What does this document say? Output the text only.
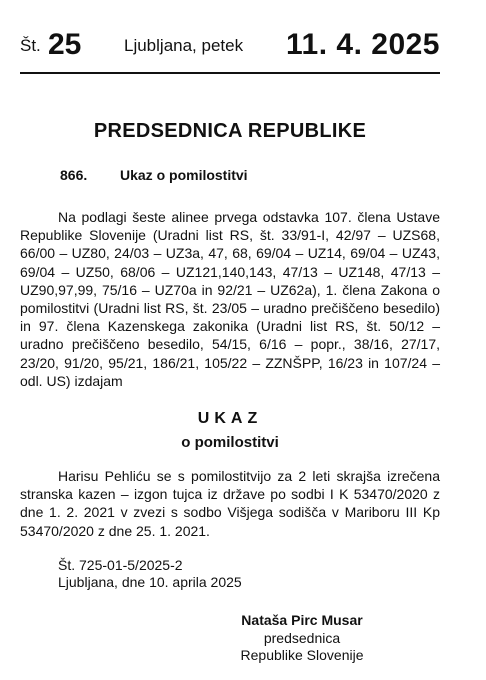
Št. 25	Ljubljana, petek 11. 4. 2025
PREDSEDNICA REPUBLIKE
866. Ukaz o pomilostitvi

Na podlagi šeste alinee prvega odstavka 107. člena Ustave Republike Slovenije (Uradni list RS, št. 33/91-I, 42/97 – UZS68, 66/00 – UZ80, 24/03 – UZ3a, 47, 68, 69/04 – UZ14, 69/04 – UZ43, 69/04 – UZ50, 68/06 – UZ121,140,143, 47/13 – UZ148, 47/13 – UZ90,97,99, 75/16 – UZ70a in 92/21 – UZ62a), 1. člena Zakona o pomilostitvi (Uradni list RS, št. 23/05 – uradno prečiščeno besedilo) in 97. člena Kazenskega zakonika (Uradni list RS, št. 50/12 – uradno prečiščeno besedilo, 54/15, 6/16 – popr., 38/16, 27/17, 23/20, 91/20, 95/21, 186/21, 105/22 – ZZNŠPP, 16/23 in 107/24 – odl. US) izdajam

UKAZ
o pomilostitvi

Harisu Pehliću se s pomilostitvijo za 2 leti skrajša izrečena stranska kazen – izgon tujca iz države po sodbi I K 53470/2020 z dne 1. 2. 2021 v zvezi s sodbo Višjega sodišča v Mariboru III Kp 53470/2020 z dne 25. 1. 2021.

Št. 725-01-5/2025-2
Ljubljana, dne 10. aprila 2025
Nataša Pirc Musar
predsednica
Republike Slovenije
